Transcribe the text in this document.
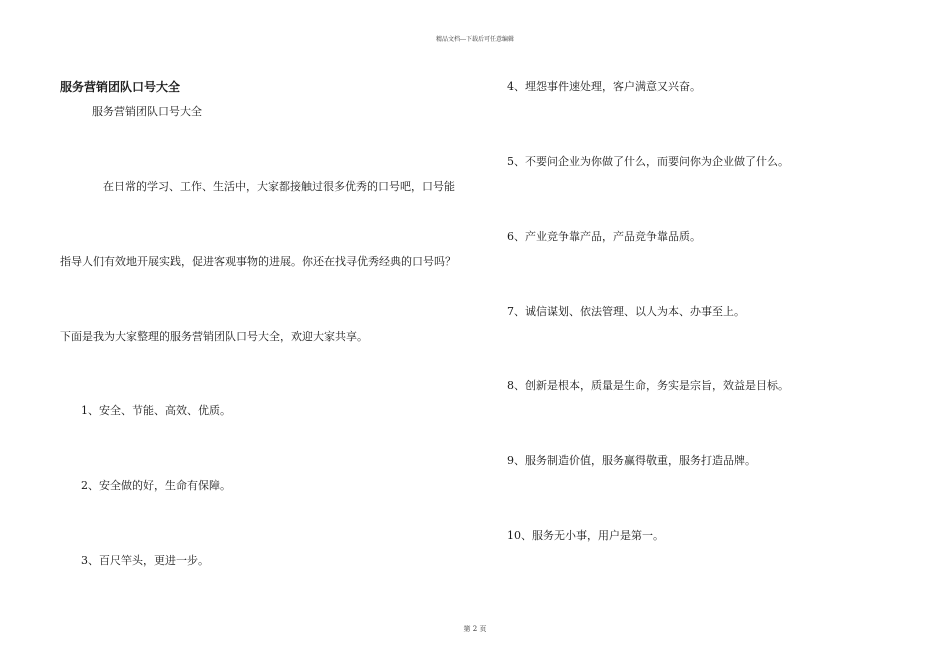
精品文档---下载后可任意编辑
服务营销团队口号大全
服务营销团队口号大全
在日常的学习、工作、生活中，大家都接触过很多优秀的口号吧，口号能
指导人们有效地开展实践，促进客观事物的进展。你还在找寻优秀经典的口号吗？
下面是我为大家整理的服务营销团队口号大全，欢迎大家共享。
1、安全、节能、高效、优质。
2、安全做的好，生命有保障。
3、百尺竿头，更进一步。
4、埋怨事件速处理，客户满意又兴奋。
5、不要问企业为你做了什么，而要问你为企业做了什么。
6、产业竞争靠产品，产品竞争靠品质。
7、诚信谋划、依法管理、以人为本、办事至上。
8、创新是根本，质量是生命，务实是宗旨，效益是目标。
9、服务制造价值，服务赢得敬重，服务打造品牌。
10、服务无小事，用户是第一。
第 2 页
